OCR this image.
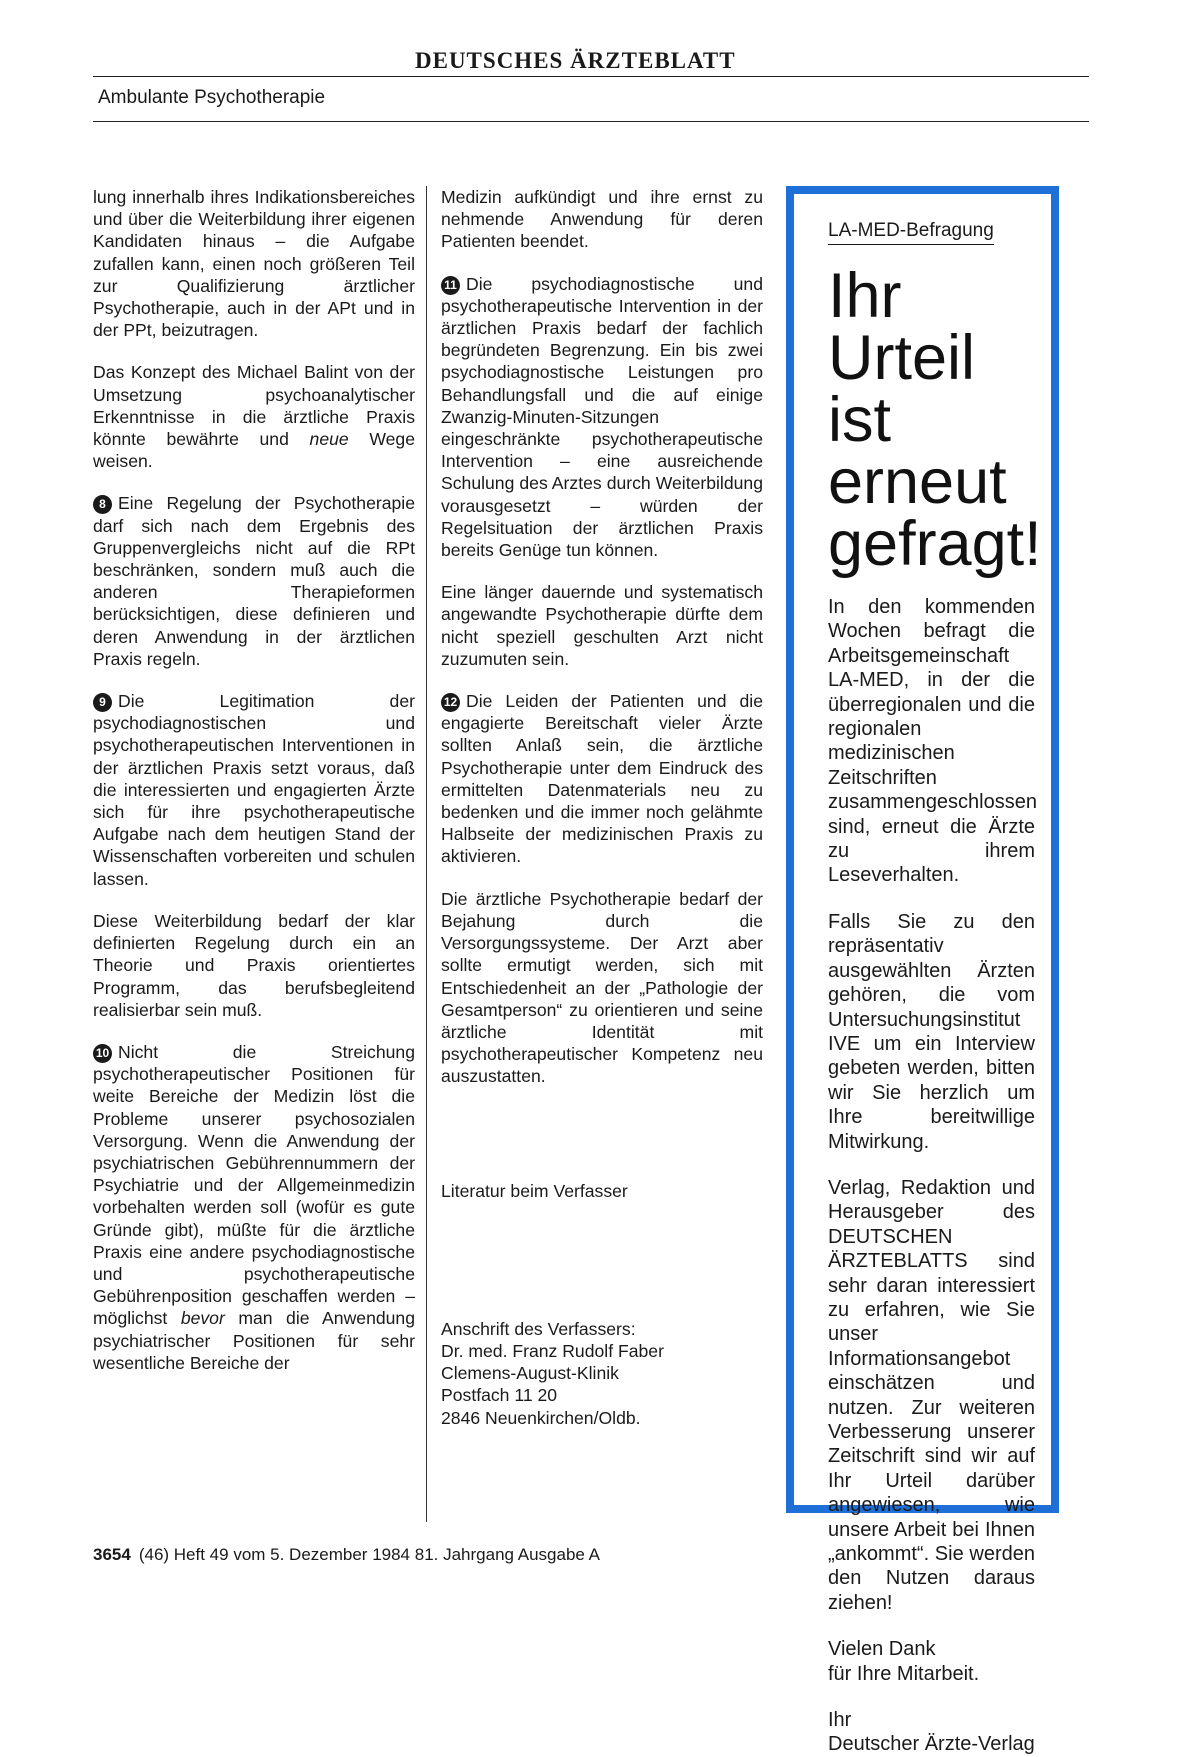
DEUTSCHES ÄRZTEBLATT
Ambulante Psychotherapie

lung innerhalb ihres Indikationsbereiches und über die Weiterbildung ihrer eigenen Kandidaten hinaus – die Aufgabe zufallen kann, einen noch größeren Teil zur Qualifizierung ärztlicher Psychotherapie, auch in der APt und in der PPt, beizutragen.

Das Konzept des Michael Balint von der Umsetzung psychoanalytischer Erkenntnisse in die ärztliche Praxis könnte bewährte und neue Wege weisen.

8 Eine Regelung der Psychotherapie darf sich nach dem Ergebnis des Gruppenvergleichs nicht auf die RPt beschränken, sondern muß auch die anderen Therapieformen berücksichtigen, diese definieren und deren Anwendung in der ärztlichen Praxis regeln.

9 Die Legitimation der psychodiagnostischen und psychotherapeutischen Interventionen in der ärztlichen Praxis setzt voraus, daß die interessierten und engagierten Ärzte sich für ihre psychotherapeutische Aufgabe nach dem heutigen Stand der Wissenschaften vorbereiten und schulen lassen.

Diese Weiterbildung bedarf der klar definierten Regelung durch ein an Theorie und Praxis orientiertes Programm, das berufsbegleitend realisierbar sein muß.

10 Nicht die Streichung psychotherapeutischer Positionen für weite Bereiche der Medizin löst die Probleme unserer psychosozialen Versorgung. Wenn die Anwendung der psychiatrischen Gebührennummern der Psychiatrie und der Allgemeinmedizin vorbehalten werden soll (wofür es gute Gründe gibt), müßte für die ärztliche Praxis eine andere psychodiagnostische und psychotherapeutische Gebührenposition geschaffen werden – möglichst bevor man die Anwendung psychiatrischer Positionen für sehr wesentliche Bereiche der

Medizin aufkündigt und ihre ernst zu nehmende Anwendung für deren Patienten beendet.

11 Die psychodiagnostische und psychotherapeutische Intervention in der ärztlichen Praxis bedarf der fachlich begründeten Begrenzung. Ein bis zwei psychodiagnostische Leistungen pro Behandlungsfall und die auf einige Zwanzig-Minuten-Sitzungen eingeschränkte psychotherapeutische Intervention – eine ausreichende Schulung des Arztes durch Weiterbildung vorausgesetzt – würden der Regelsituation der ärztlichen Praxis bereits Genüge tun können.

Eine länger dauernde und systematisch angewandte Psychotherapie dürfte dem nicht speziell geschulten Arzt nicht zuzumuten sein.

12 Die Leiden der Patienten und die engagierte Bereitschaft vieler Ärzte sollten Anlaß sein, die ärztliche Psychotherapie unter dem Eindruck des ermittelten Datenmaterials neu zu bedenken und die immer noch gelähmte Halbseite der medizinischen Praxis zu aktivieren.

Die ärztliche Psychotherapie bedarf der Bejahung durch die Versorgungssysteme. Der Arzt aber sollte ermutigt werden, sich mit Entschiedenheit an der „Pathologie der Gesamtperson“ zu orientieren und seine ärztliche Identität mit psychotherapeutischer Kompetenz neu auszustatten.

Literatur beim Verfasser

Anschrift des Verfassers:
Dr. med. Franz Rudolf Faber
Clemens-August-Klinik
Postfach 11 20
2846 Neuenkirchen/Oldb.
LA-MED-Befragung
Ihr Urteil
ist erneut
gefragt!

In den kommenden Wochen befragt die Arbeitsgemeinschaft LA-MED, in der die überregionalen und die regionalen medizinischen Zeitschriften zusammengeschlossen sind, erneut die Ärzte zu ihrem Leseverhalten.

Falls Sie zu den repräsentativ ausgewählten Ärzten gehören, die vom Untersuchungsinstitut IVE um ein Interview gebeten werden, bitten wir Sie herzlich um Ihre bereitwillige Mitwirkung.

Verlag, Redaktion und Herausgeber des DEUTSCHEN ÄRZTEBLATTS sind sehr daran interessiert zu erfahren, wie Sie unser Informationsangebot einschätzen und nutzen. Zur weiteren Verbesserung unserer Zeitschrift sind wir auf Ihr Urteil darüber angewiesen, wie unsere Arbeit bei Ihnen „ankommt“. Sie werden den Nutzen daraus ziehen!

Vielen Dank
für Ihre Mitarbeit.

Ihr
Deutscher Ärzte-Verlag

3654 (46) Heft 49 vom 5. Dezember 1984 81. Jahrgang Ausgabe A
